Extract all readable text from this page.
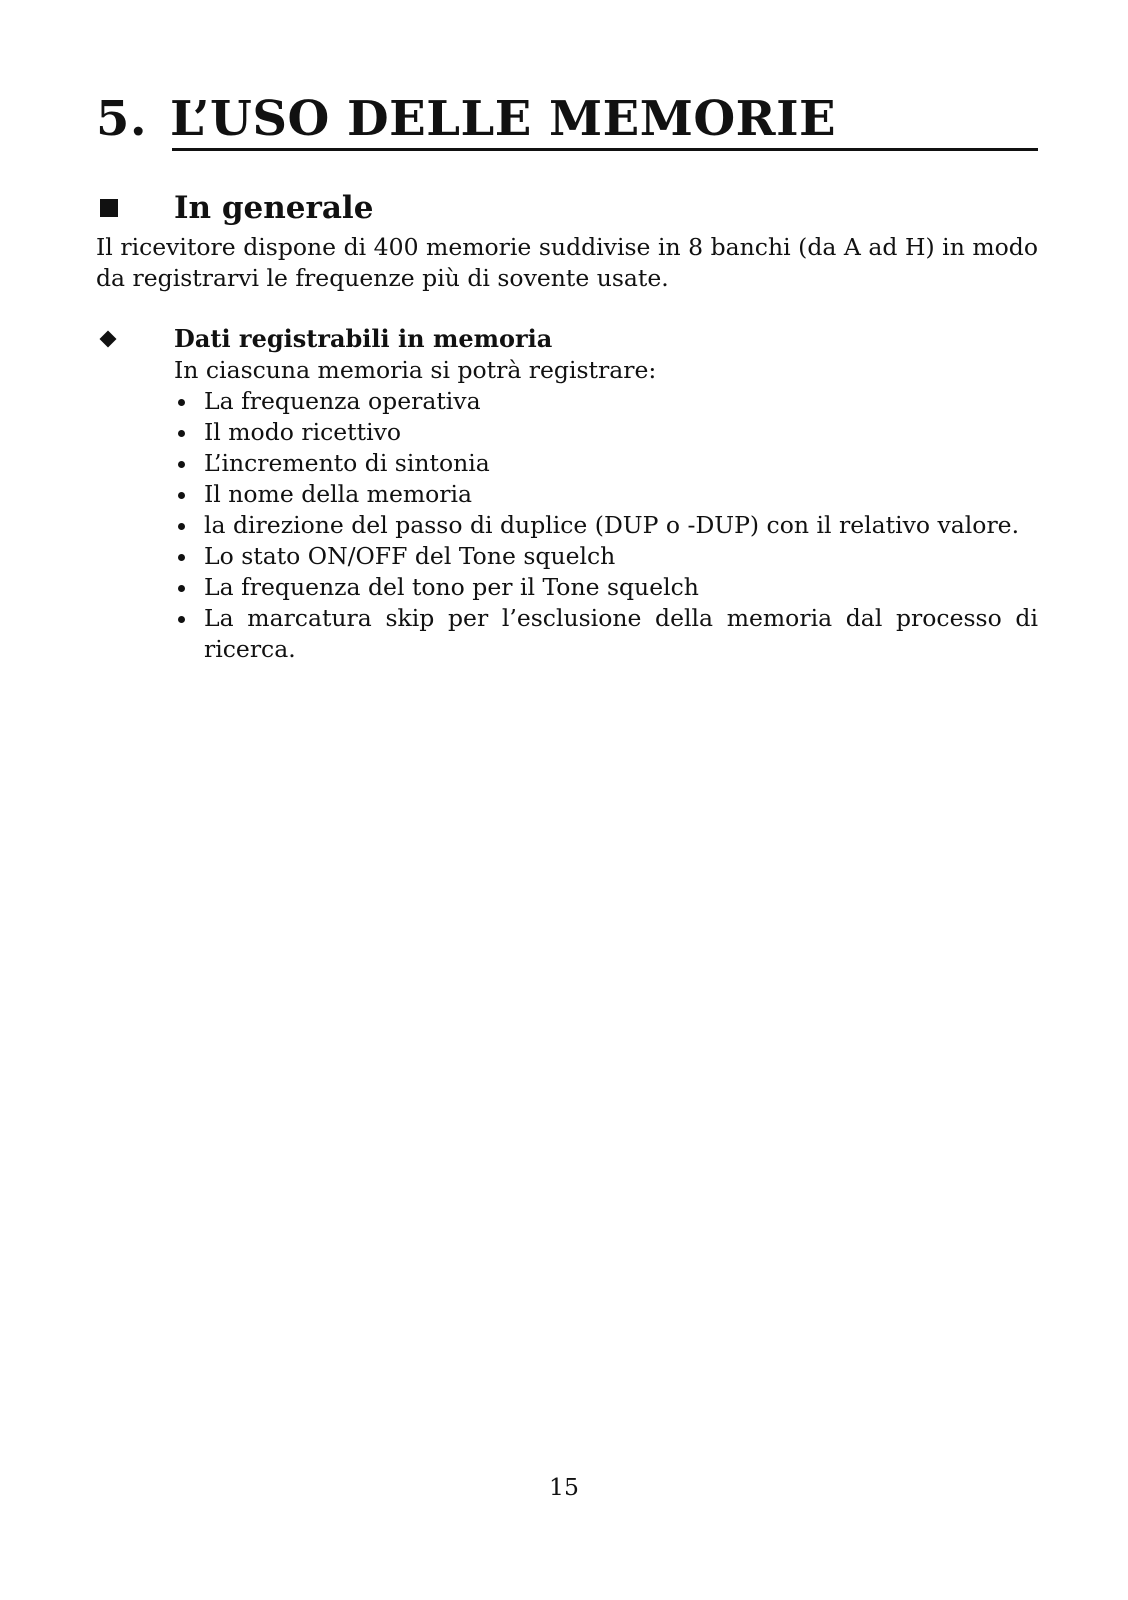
5. L’USO DELLE MEMORIE
In generale

Il ricevitore dispone di 400 memorie suddivise in 8 banchi (da A ad H) in modo da registrarvi le frequenze più di sovente usate.

Dati registrabili in memoria

In ciascuna memoria si potrà registrare:

La frequenza operativa
Il modo ricettivo
L’incremento di sintonia
Il nome della memoria
la direzione del passo di duplice (DUP o -DUP) con il relativo valore.
Lo stato ON/OFF del Tone squelch
La frequenza del tono per il Tone squelch
La marcatura skip per l’esclusione della memoria dal processo di ricerca.
15
